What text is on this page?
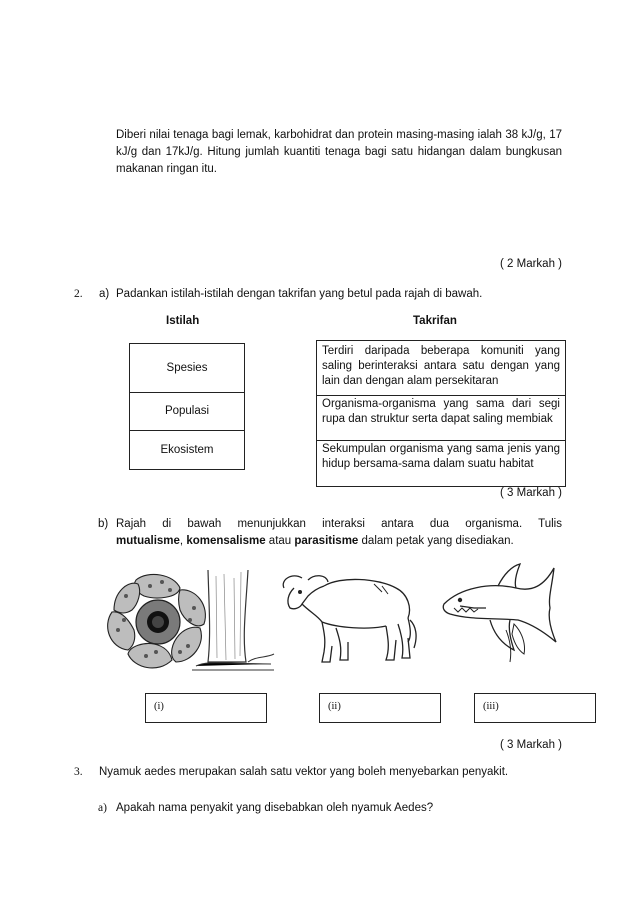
Diberi nilai tenaga bagi lemak, karbohidrat dan protein masing-masing ialah 38 kJ/g, 17 kJ/g dan 17kJ/g. Hitung jumlah kuantiti tenaga bagi satu hidangan dalam bungkusan makanan ringan itu.
( 2 Markah )
2. a) Padankan istilah-istilah dengan takrifan yang betul pada rajah di bawah.
Istilah	Takrifan
Spesies
Populasi
Ekosistem
Terdiri daripada beberapa komuniti yang saling berinteraksi antara satu dengan yang lain dan dengan alam persekitaran
Organisma-organisma yang sama dari segi rupa dan struktur serta dapat saling membiak
Sekumpulan organisma yang sama jenis yang hidup bersama-sama dalam suatu habitat
( 3 Markah )
b) Rajah di bawah menunjukkan interaksi antara dua organisma. Tulis
mutualisme, komensalisme atau parasitisme dalam petak yang disediakan.
(i)	(ii)	(iii)
( 3 Markah )
3. Nyamuk aedes merupakan salah satu vektor yang boleh menyebarkan penyakit.
a) Apakah nama penyakit yang disebabkan oleh nyamuk Aedes?
